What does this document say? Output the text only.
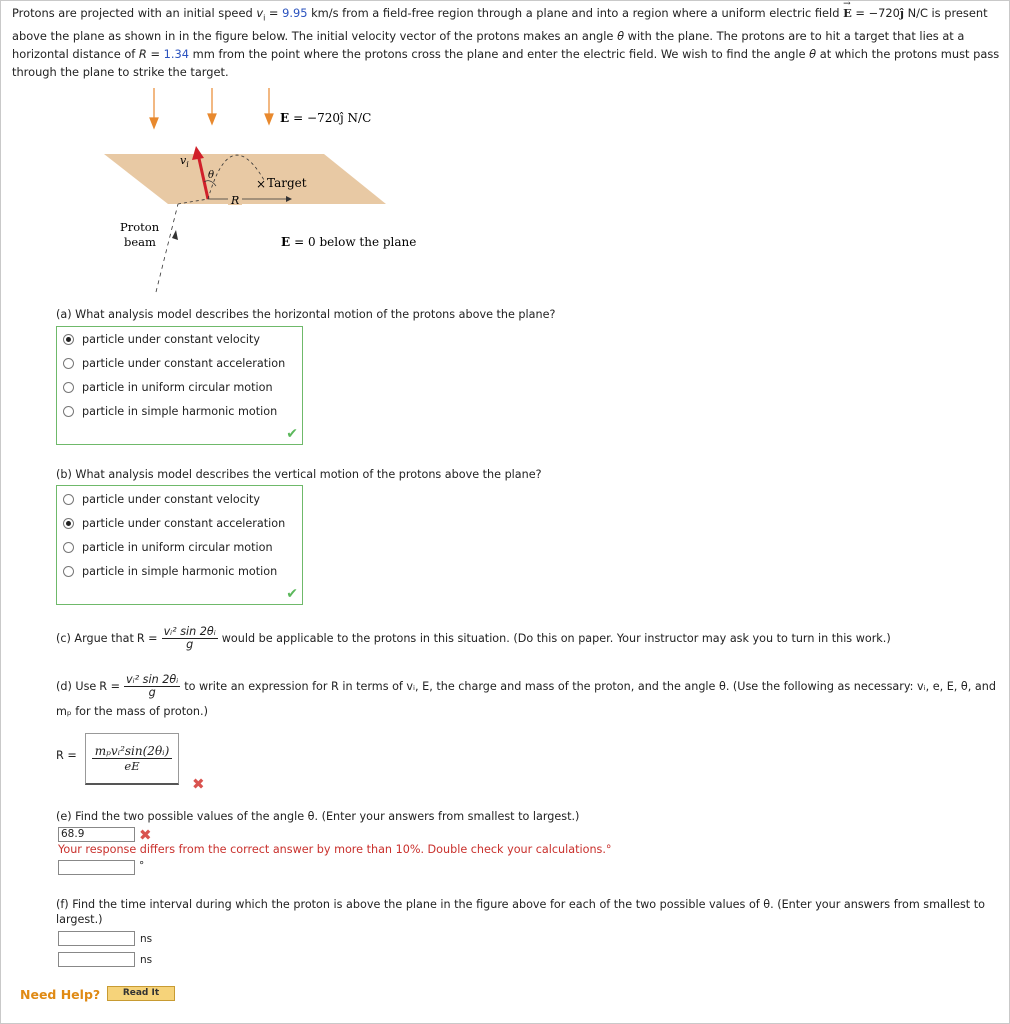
Protons are projected with an initial speed $v_i = 9.95$ km/s from a field-free region through a plane and into a region where a uniform electric field → E = −720ĵ N/C is present above the plane as shown in in the figure below. The initial velocity vector of the protons makes an angle θ with the plane. The protons are to hit a target that lies at a horizontal distance of R = 1.34 mm from the point where the protons cross the plane and enter the electric field. We wish to find the angle θ at which the protons must pass through the plane to strike the target.
E = −720ĵ N/C
R
θ
$v_i$
× Target
Proton
beam	E = 0 below the plane
(a) What analysis model describes the horizontal motion of the protons above the plane?
particle under constant velocity
particle under constant acceleration
particle in uniform circular motion
particle in simple harmonic motion
✔
(b) What analysis model describes the vertical motion of the protons above the plane?
particle under constant velocity
particle under constant acceleration
particle in uniform circular motion
particle in simple harmonic motion
✔
(c) Argue that $R = \frac{\text{vᵢ² sin 2θᵢ}}{g}$ would be applicable to the protons in this situation. (Do this on paper. Your instructor may ask you to turn in this work.)
(d) Use $R = \frac{\text{vᵢ² sin 2θᵢ}}{g}$ to write an expression for R in terms of vᵢ, E, the charge and mass of the proton, and the angle θ. (Use the following as necessary: vᵢ, e, E, θ, and
mₚ for the mass of proton.)
R = mₚvᵢ²sin(2θᵢ)
eE
✖
(e) Find the two possible values of the angle θ. (Enter your answers from smallest to largest.)
68.9	✖
Your response differs from the correct answer by more than 10%. Double check your calculations.°
°
(f) Find the time interval during which the proton is above the plane in the figure above for each of the two possible values of θ. (Enter your answers from smallest to
largest.)
ns
ns
Need Help?	Read It
